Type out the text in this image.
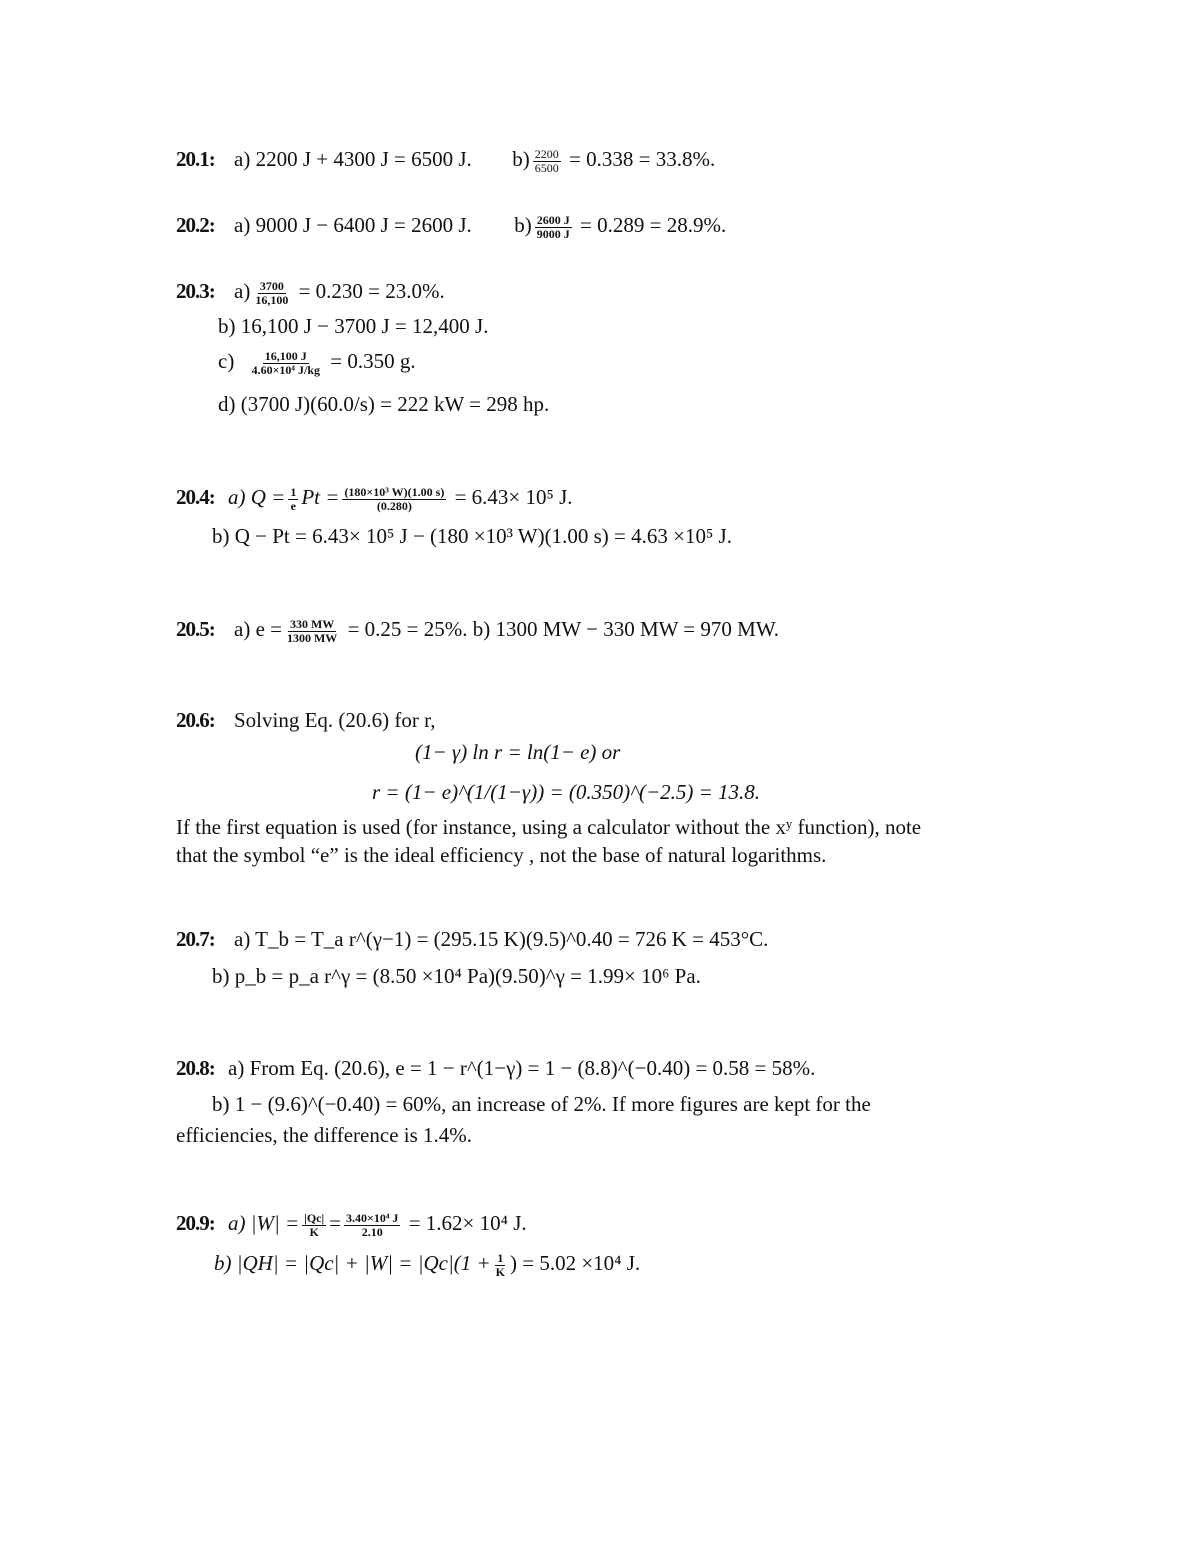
20.1: a) 2200 J + 4300 J = 6500 J. $b) \frac{2200}{6500} = 0.338 = 33.8\%$.
20.2: a) 9000 J − 6400 J = 2600 J. $b) \frac{2600 J}{9000 J} = 0.289 = 28.9\%$.
20.3: $a) \frac{3700}{16,100} = 0.230 = 23.0\%$.
b) 16,100 J − 3700 J = 12,400 J.
$c) \frac{16,100 J}{\text{4.60×10⁴ J/kg}} = 0.350$ g.
d) (3700 J)(60.0/s) = 222 kW = 298 hp.
20.4: a) $Q = \frac{1}{e}$ $Pt = \frac{\text{(180×10³ W)(1.00 s)}}{(0.280)} = 6.43\times 10^5$ J.
b) Q − Pt = 6.43× 10⁵ J − (180 ×10³ W)(1.00 s) = 4.63 ×10⁵ J.
20.5: a) $e = \frac{330 MW}{1300 MW} = 0.25 = 25\%$. b) 1300 MW − 330 MW = 970 MW.
20.6: Solving Eq. (20.6) for r,
(1− γ) ln r = ln(1− e) or
r = (1− e)^(1/(1−γ)) = (0.350)^(−2.5) = 13.8.
If the first equation is used (for instance, using a calculator without the xʸ function), note
that the symbol “e” is the ideal efficiency , not the base of natural logarithms.
20.7: a) T_b = T_a r^(γ−1) = (295.15 K)(9.5)^0.40 = 726 K = 453°C.
b) p_b = p_a r^γ = (8.50 ×10⁴ Pa)(9.50)^γ = 1.99× 10⁶ Pa.
20.8: a) From Eq. (20.6), e = 1 − r^(1−γ) = 1 − (8.8)^(−0.40) = 0.58 = 58%.
b) 1 − (9.6)^(−0.40) = 60%, an increase of 2%. If more figures are kept for the
efficiencies, the difference is 1.4%.
20.9: a) $|W| = \frac{|Qc|}{K} = \frac{\text{3.40×10⁴ J}}{2.10} = 1.62\times 10^4$ J.
b) $|QH| = |Qc| + |W| = |Qc|(1 + \frac{1}{K}$ ) = 5.02 ×10⁴ J.
